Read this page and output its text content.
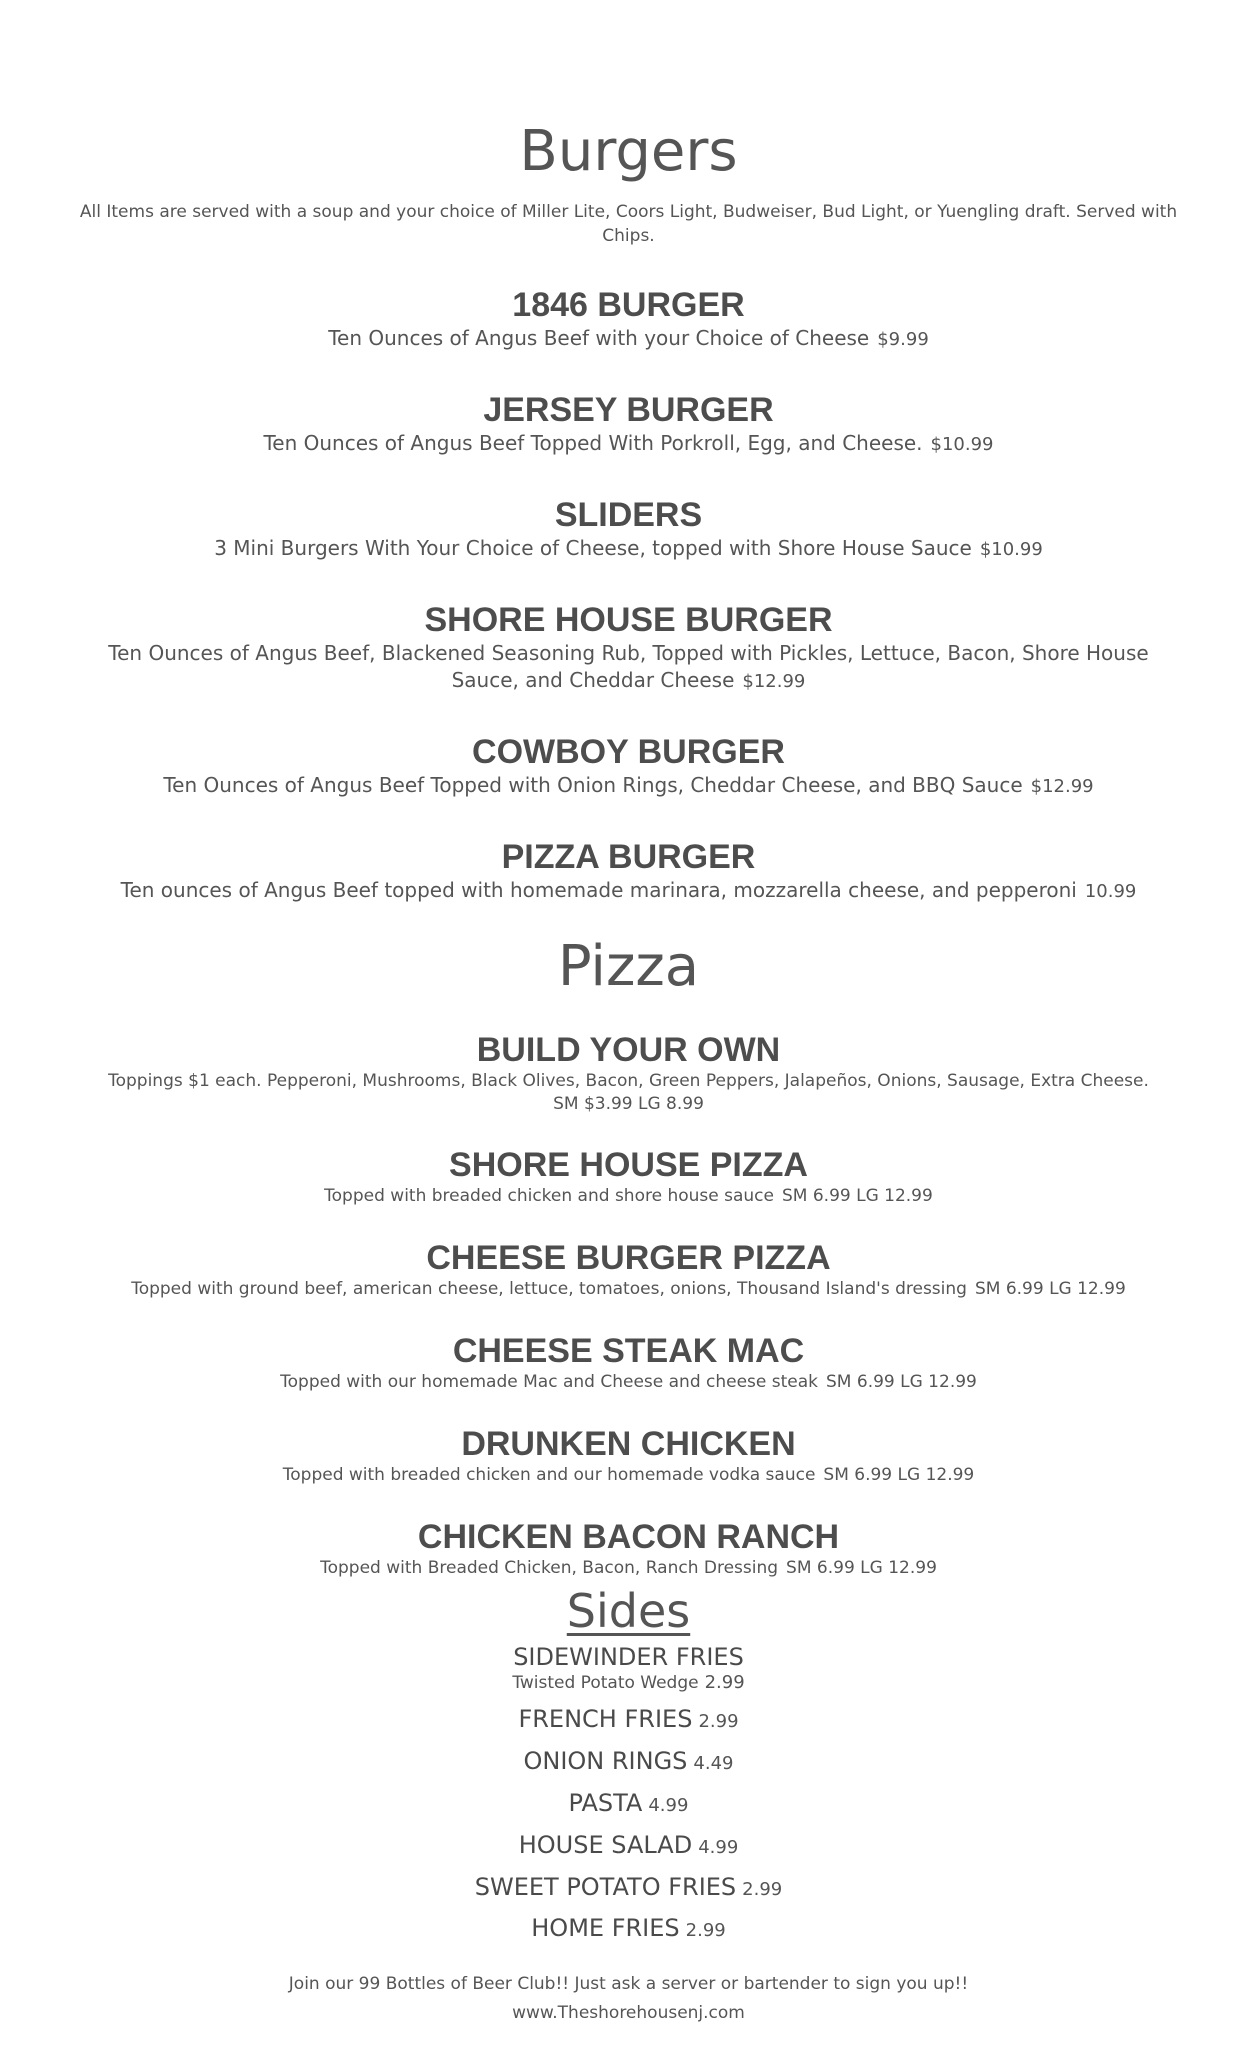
Burgers

All Items are served with a soup and your choice of Miller Lite, Coors Light, Budweiser, Bud Light, or Yuengling draft. Served with Chips.

1846 BURGER

Ten Ounces of Angus Beef with your Choice of Cheese $9.99

JERSEY BURGER

Ten Ounces of Angus Beef Topped With Porkroll, Egg, and Cheese. $10.99

SLIDERS

3 Mini Burgers With Your Choice of Cheese, topped with Shore House Sauce $10.99

SHORE HOUSE BURGER

Ten Ounces of Angus Beef, Blackened Seasoning Rub, Topped with Pickles, Lettuce, Bacon, Shore House Sauce, and Cheddar Cheese $12.99

COWBOY BURGER

Ten Ounces of Angus Beef Topped with Onion Rings, Cheddar Cheese, and BBQ Sauce $12.99

PIZZA BURGER

Ten ounces of Angus Beef topped with homemade marinara, mozzarella cheese, and pepperoni 10.99

Pizza

BUILD YOUR OWN

Toppings $1 each. Pepperoni, Mushrooms, Black Olives, Bacon, Green Peppers, Jalapeños, Onions, Sausage, Extra Cheese.

SM $3.99 LG 8.99

SHORE HOUSE PIZZA

Topped with breaded chicken and shore house sauce SM 6.99 LG 12.99

CHEESE BURGER PIZZA

Topped with ground beef, american cheese, lettuce, tomatoes, onions, Thousand Island's dressing SM 6.99 LG 12.99

CHEESE STEAK MAC

Topped with our homemade Mac and Cheese and cheese steak SM 6.99 LG 12.99

DRUNKEN CHICKEN

Topped with breaded chicken and our homemade vodka sauce SM 6.99 LG 12.99

CHICKEN BACON RANCH

Topped with Breaded Chicken, Bacon, Ranch Dressing SM 6.99 LG 12.99

Sides

SIDEWINDER FRIES

Twisted Potato Wedge 2.99

FRENCH FRIES 2.99

ONION RINGS 4.49

PASTA 4.99

HOUSE SALAD 4.99

SWEET POTATO FRIES 2.99

HOME FRIES 2.99

Join our 99 Bottles of Beer Club!! Just ask a server or bartender to sign you up!!

www.Theshorehousenj.com
